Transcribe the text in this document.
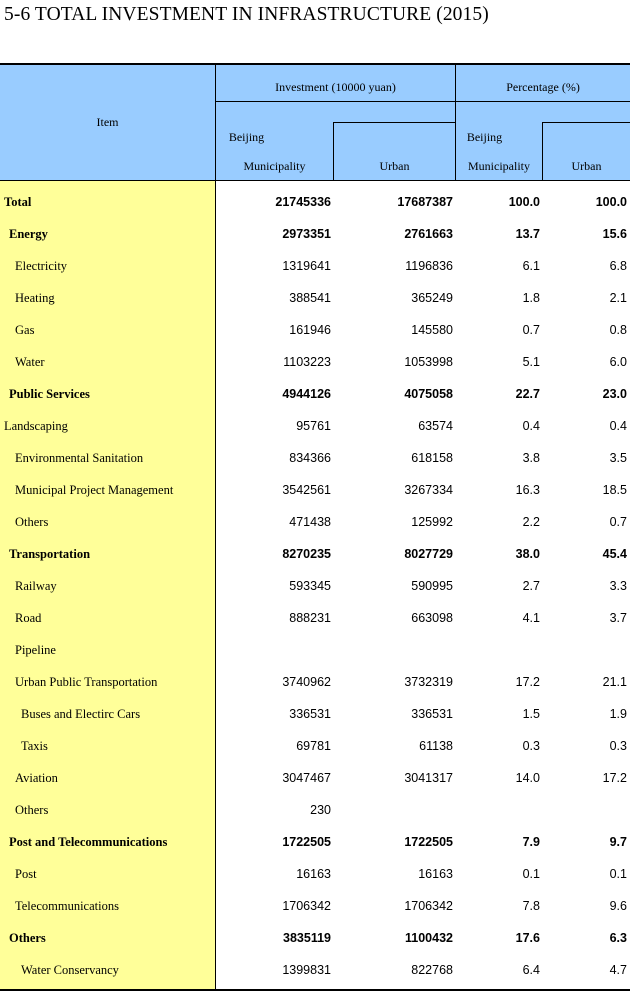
5-6 TOTAL INVESTMENT IN INFRASTRUCTURE (2015)
Item
Investment (10000 yuan)	Percentage (%)
Beijing
Municipality	Urban
Beijing
Municipality	Urban
Total	21745336	17687387	100.0	100.0
Energy	2973351	2761663	13.7	15.6
Electricity	1319641	1196836	6.1	6.8
Heating	388541	365249	1.8	2.1
Gas	161946	145580	0.7	0.8
Water	1103223	1053998	5.1	6.0
Public Services	4944126	4075058	22.7	23.0
Landscaping	95761	63574	0.4	0.4
Environmental Sanitation	834366	618158	3.8	3.5
Municipal Project Management	3542561	3267334	16.3	18.5
Others	471438	125992	2.2	0.7
Transportation	8270235	8027729	38.0	45.4
Railway	593345	590995	2.7	3.3
Road	888231	663098	4.1	3.7
Pipeline
Urban Public Transportation	3740962	3732319	17.2	21.1
Buses and Electirc Cars	336531	336531	1.5	1.9
Taxis	69781	61138	0.3	0.3
Aviation	3047467	3041317	14.0	17.2
Others	230
Post and Telecommunications	1722505	1722505	7.9	9.7
Post	16163	16163	0.1	0.1
Telecommunications	1706342	1706342	7.8	9.6
Others	3835119	1100432	17.6	6.3
Water Conservancy	1399831	822768	6.4	4.7
